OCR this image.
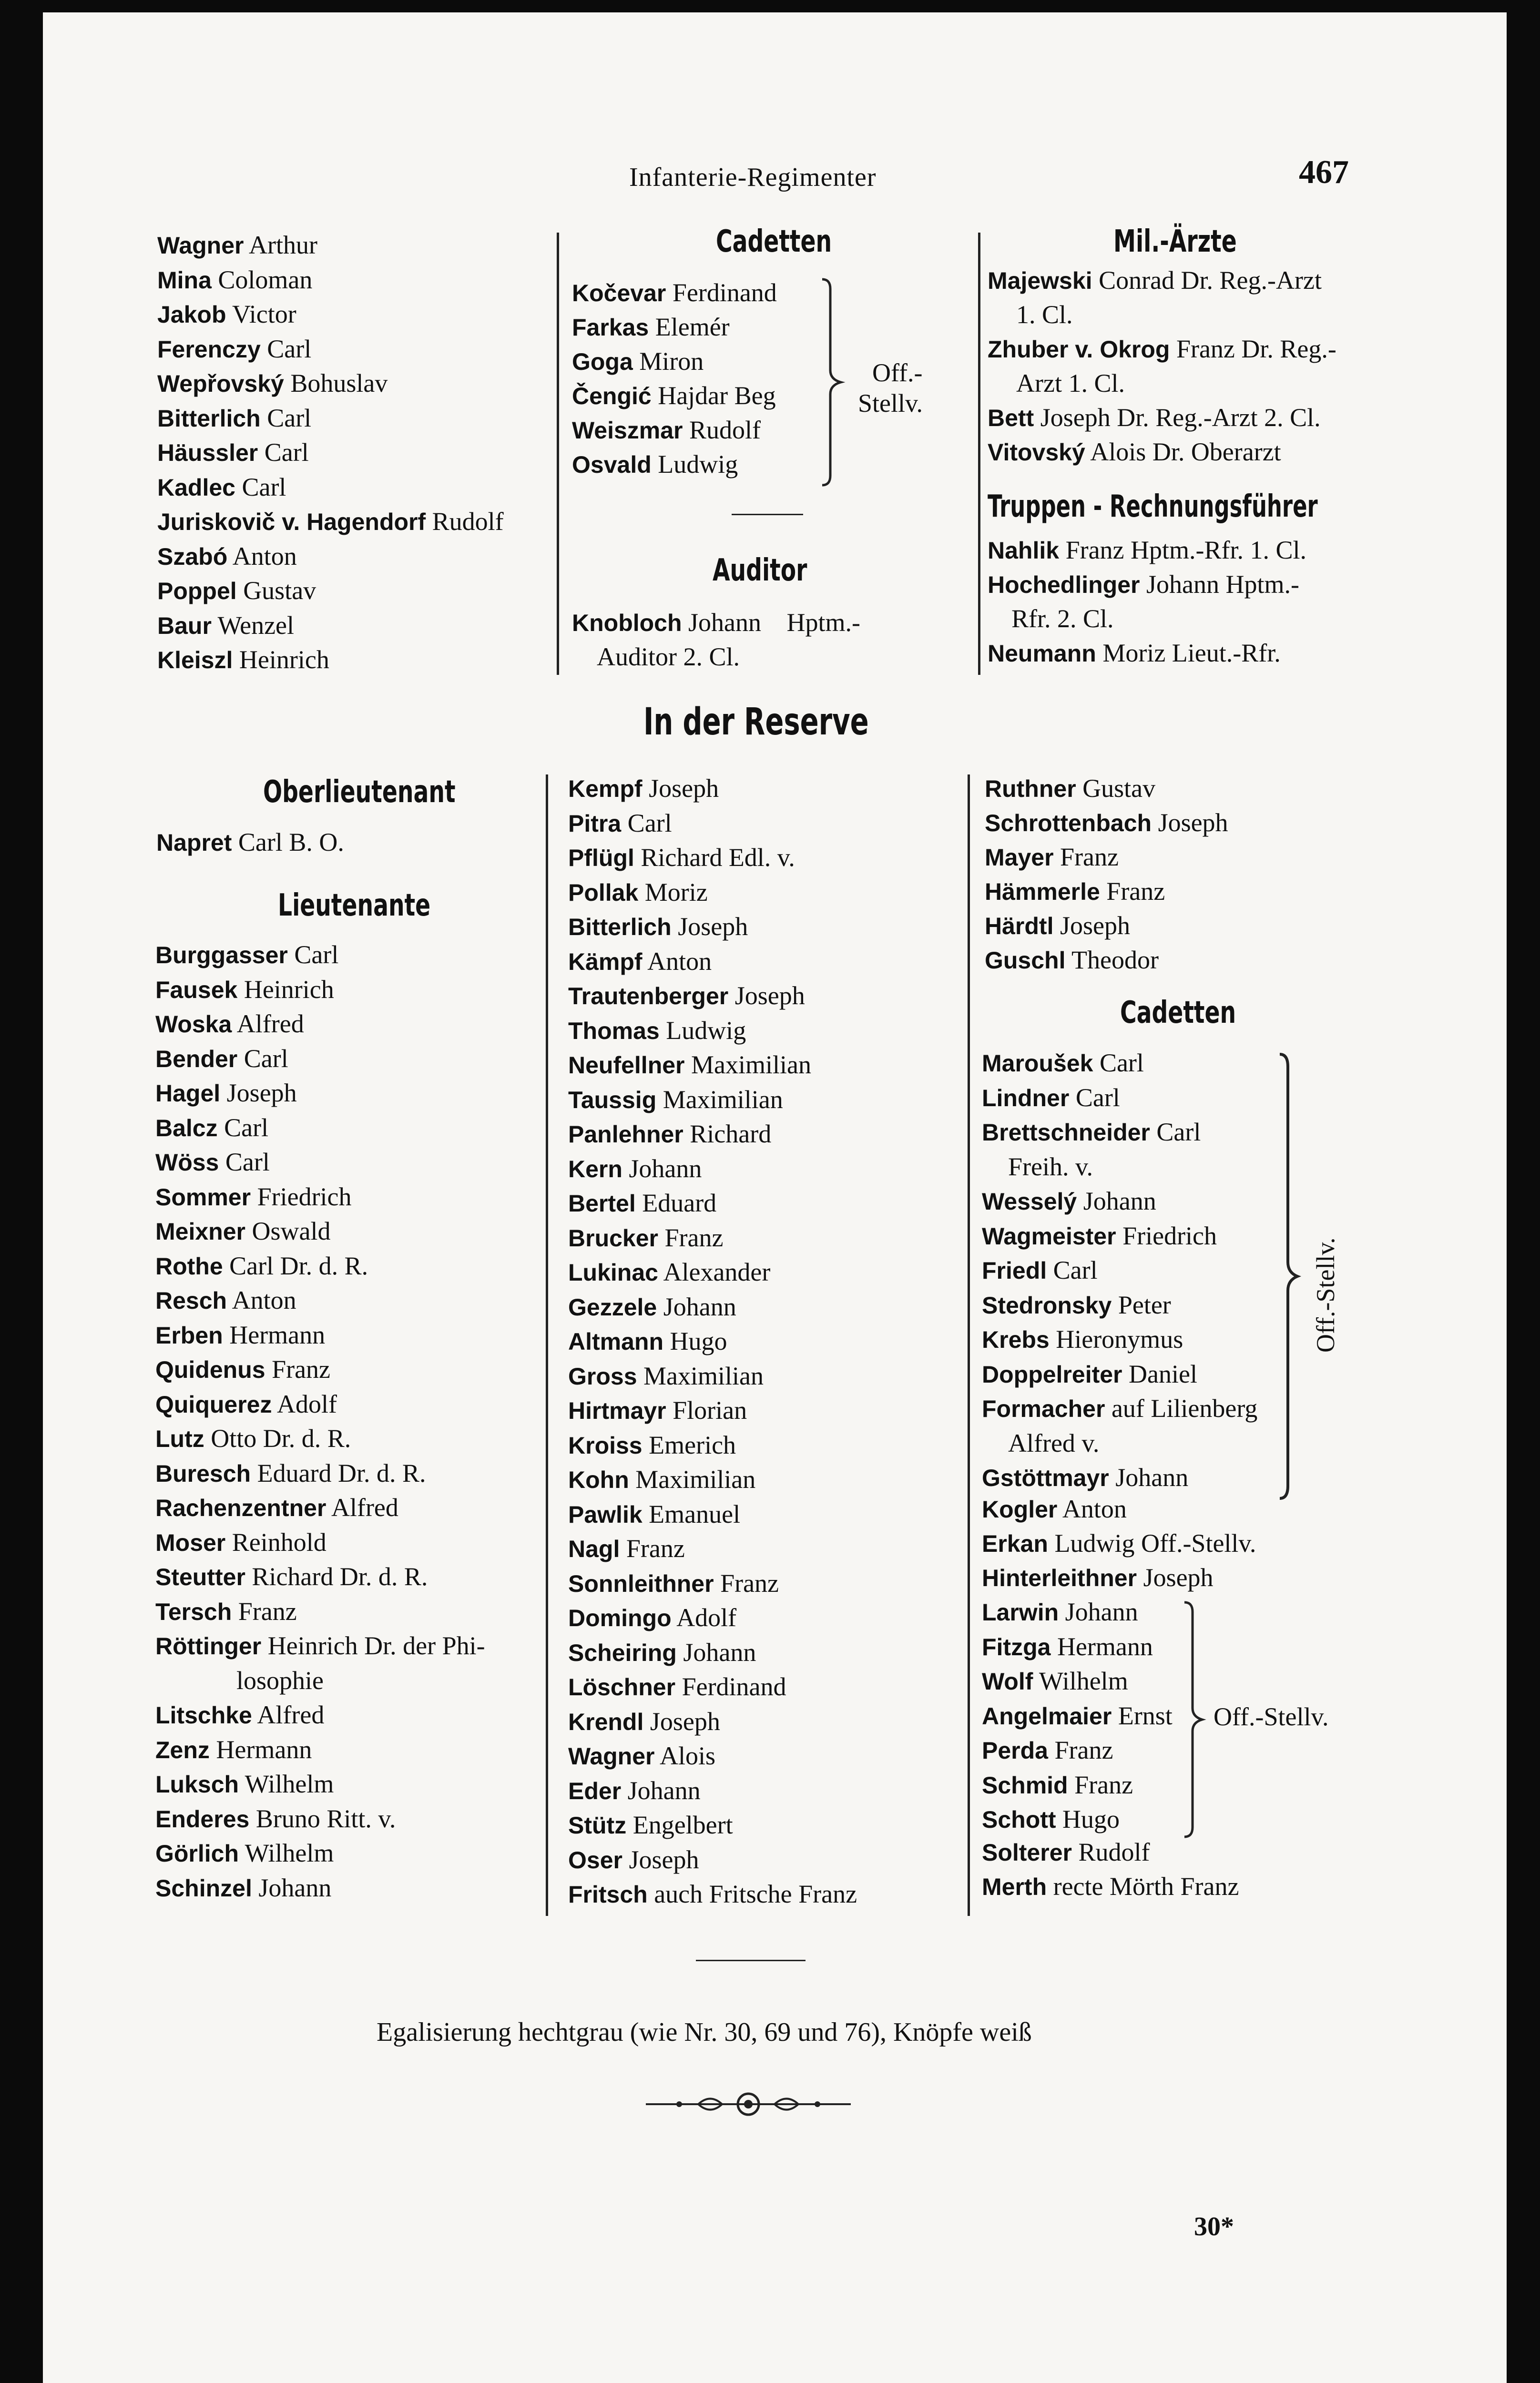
Infanterie-Regimenter	467
Wagner Arthur
Mina Coloman
Jakob Victor
Ferenczy Carl
Wepřovský Bohuslav
Bitterlich Carl
Häussler Carl
Kadlec Carl
Juriskovič v. Hagendorf Rudolf
Szabó Anton
Poppel Gustav
Baur Wenzel
Kleiszl Heinrich
Cadetten
Kočevar Ferdinand
Farkas Elemér
Goga Miron
Čengić Hajdar Beg
Weiszmar Rudolf
Osvald Ludwig
Off.-
Stellv.
Auditor
Knobloch Johann Hptm.-
Auditor 2. Cl.
Mil.-Ärzte
Majewski Conrad Dr. Reg.-Arzt
1. Cl.
Zhuber v. Okrog Franz Dr. Reg.-
Arzt 1. Cl.
Bett Joseph Dr. Reg.-Arzt 2. Cl.
Vitovský Alois Dr. Oberarzt
Truppen - Rechnungsführer
Nahlik Franz Hptm.-Rfr. 1. Cl.
Hochedlinger Johann Hptm.-
Rfr. 2. Cl.
Neumann Moriz Lieut.-Rfr.
In der Reserve
Oberlieutenant
Napret Carl B. O.
Lieutenante
Burggasser Carl
Fausek Heinrich
Woska Alfred
Bender Carl
Hagel Joseph
Balcz Carl
Wöss Carl
Sommer Friedrich
Meixner Oswald
Rothe Carl Dr. d. R.
Resch Anton
Erben Hermann
Quidenus Franz
Quiquerez Adolf
Lutz Otto Dr. d. R.
Buresch Eduard Dr. d. R.
Rachenzentner Alfred
Moser Reinhold
Steutter Richard Dr. d. R.
Tersch Franz
Röttinger Heinrich Dr. der Phi-
losophie
Litschke Alfred
Zenz Hermann
Luksch Wilhelm
Enderes Bruno Ritt. v.
Görlich Wilhelm
Schinzel Johann
Kempf Joseph
Pitra Carl
Pflügl Richard Edl. v.
Pollak Moriz
Bitterlich Joseph
Kämpf Anton
Trautenberger Joseph
Thomas Ludwig
Neufellner Maximilian
Taussig Maximilian
Panlehner Richard
Kern Johann
Bertel Eduard
Brucker Franz
Lukinac Alexander
Gezzele Johann
Altmann Hugo
Gross Maximilian
Hirtmayr Florian
Kroiss Emerich
Kohn Maximilian
Pawlik Emanuel
Nagl Franz
Sonnleithner Franz
Domingo Adolf
Scheiring Johann
Löschner Ferdinand
Krendl Joseph
Wagner Alois
Eder Johann
Stütz Engelbert
Oser Joseph
Fritsch auch Fritsche Franz
Ruthner Gustav
Schrottenbach Joseph
Mayer Franz
Hämmerle Franz
Härdtl Joseph
Guschl Theodor
Cadetten
Maroušek Carl
Lindner Carl
Brettschneider Carl
Freih. v.
Wesselý Johann
Wagmeister Friedrich
Friedl Carl
Stedronsky Peter
Krebs Hieronymus
Doppelreiter Daniel
Formacher auf Lilienberg
Alfred v.
Gstöttmayr Johann
Off.-Stellv.
Kogler Anton
Erkan Ludwig Off.-Stellv.
Hinterleithner Joseph
Larwin Johann
Fitzga Hermann
Wolf Wilhelm
Angelmaier Ernst
Perda Franz
Schmid Franz
Schott Hugo
Off.-Stellv.
Solterer Rudolf
Merth recte Mörth Franz
Egalisierung hechtgrau (wie Nr. 30, 69 und 76), Knöpfe weiß
30*
